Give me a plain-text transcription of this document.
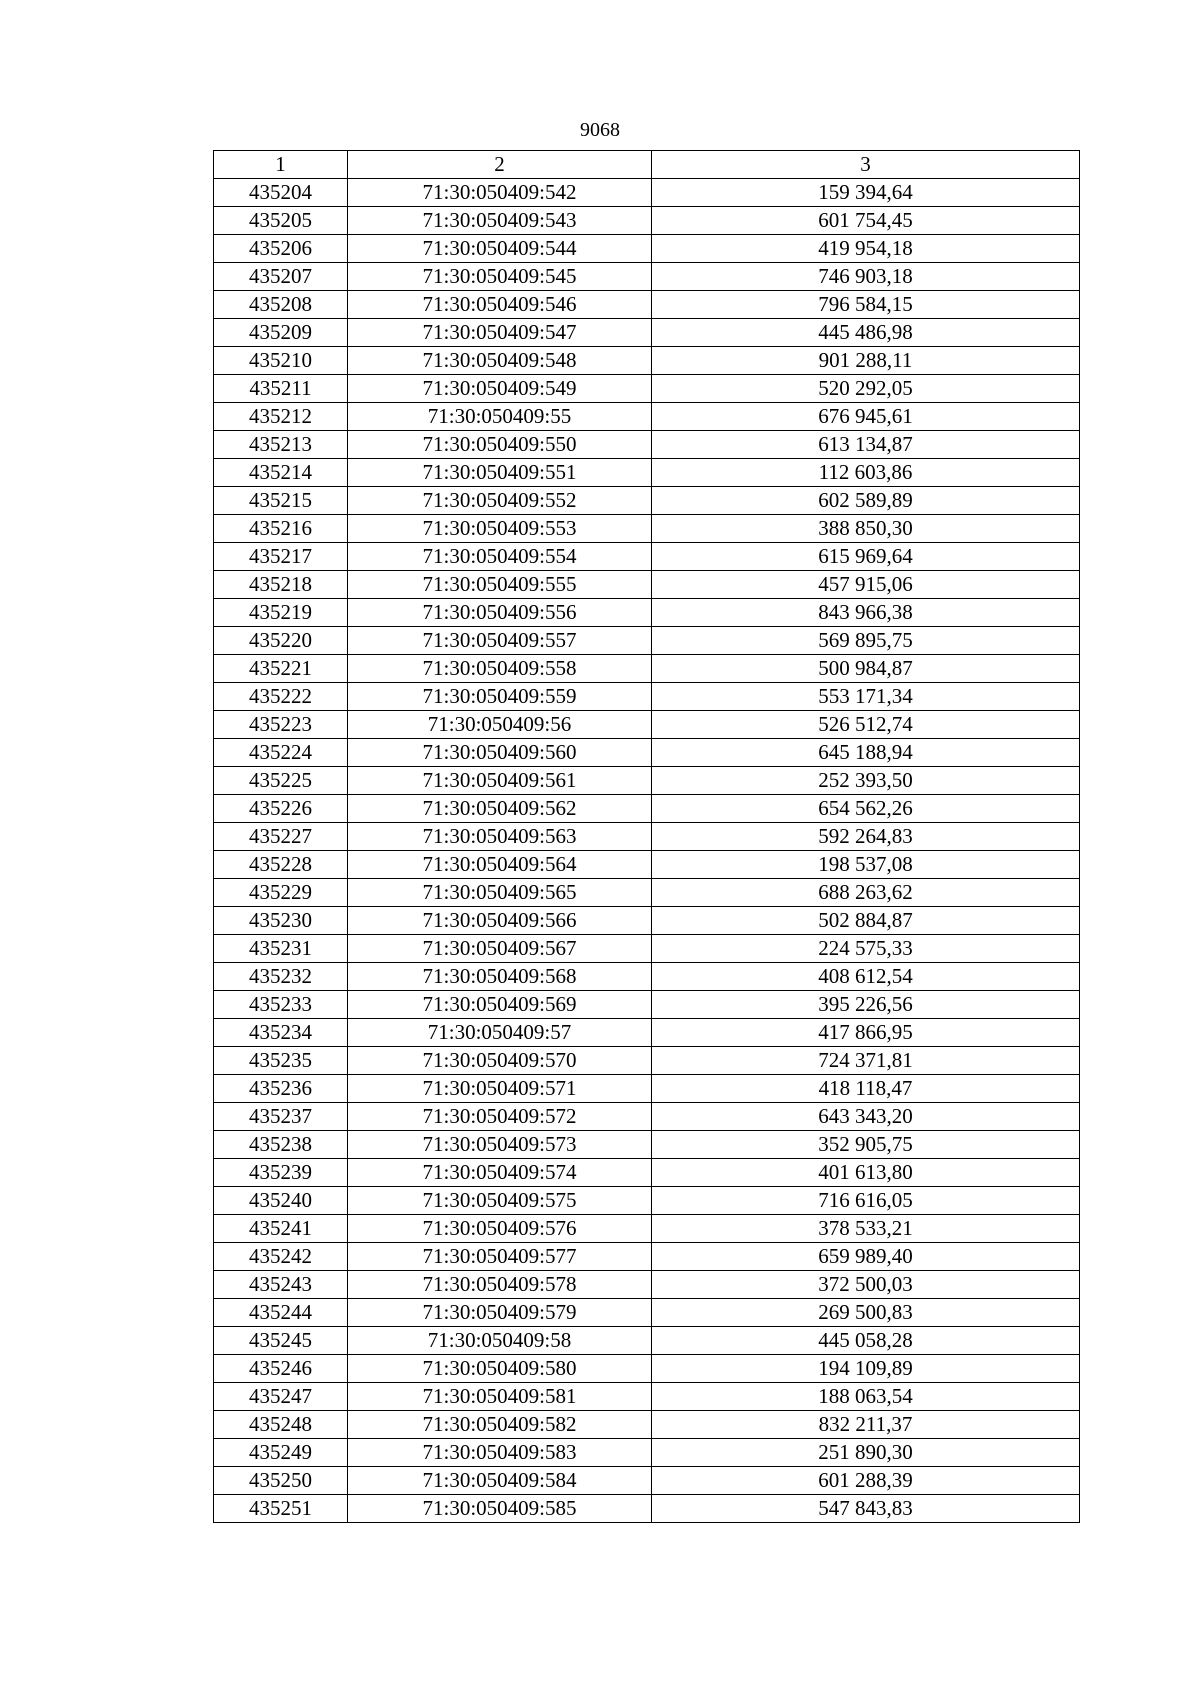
9068
1	2	3
435204	71:30:050409:542	159 394,64
435205	71:30:050409:543	601 754,45
435206	71:30:050409:544	419 954,18
435207	71:30:050409:545	746 903,18
435208	71:30:050409:546	796 584,15
435209	71:30:050409:547	445 486,98
435210	71:30:050409:548	901 288,11
435211	71:30:050409:549	520 292,05
435212	71:30:050409:55	676 945,61
435213	71:30:050409:550	613 134,87
435214	71:30:050409:551	112 603,86
435215	71:30:050409:552	602 589,89
435216	71:30:050409:553	388 850,30
435217	71:30:050409:554	615 969,64
435218	71:30:050409:555	457 915,06
435219	71:30:050409:556	843 966,38
435220	71:30:050409:557	569 895,75
435221	71:30:050409:558	500 984,87
435222	71:30:050409:559	553 171,34
435223	71:30:050409:56	526 512,74
435224	71:30:050409:560	645 188,94
435225	71:30:050409:561	252 393,50
435226	71:30:050409:562	654 562,26
435227	71:30:050409:563	592 264,83
435228	71:30:050409:564	198 537,08
435229	71:30:050409:565	688 263,62
435230	71:30:050409:566	502 884,87
435231	71:30:050409:567	224 575,33
435232	71:30:050409:568	408 612,54
435233	71:30:050409:569	395 226,56
435234	71:30:050409:57	417 866,95
435235	71:30:050409:570	724 371,81
435236	71:30:050409:571	418 118,47
435237	71:30:050409:572	643 343,20
435238	71:30:050409:573	352 905,75
435239	71:30:050409:574	401 613,80
435240	71:30:050409:575	716 616,05
435241	71:30:050409:576	378 533,21
435242	71:30:050409:577	659 989,40
435243	71:30:050409:578	372 500,03
435244	71:30:050409:579	269 500,83
435245	71:30:050409:58	445 058,28
435246	71:30:050409:580	194 109,89
435247	71:30:050409:581	188 063,54
435248	71:30:050409:582	832 211,37
435249	71:30:050409:583	251 890,30
435250	71:30:050409:584	601 288,39
435251	71:30:050409:585	547 843,83
